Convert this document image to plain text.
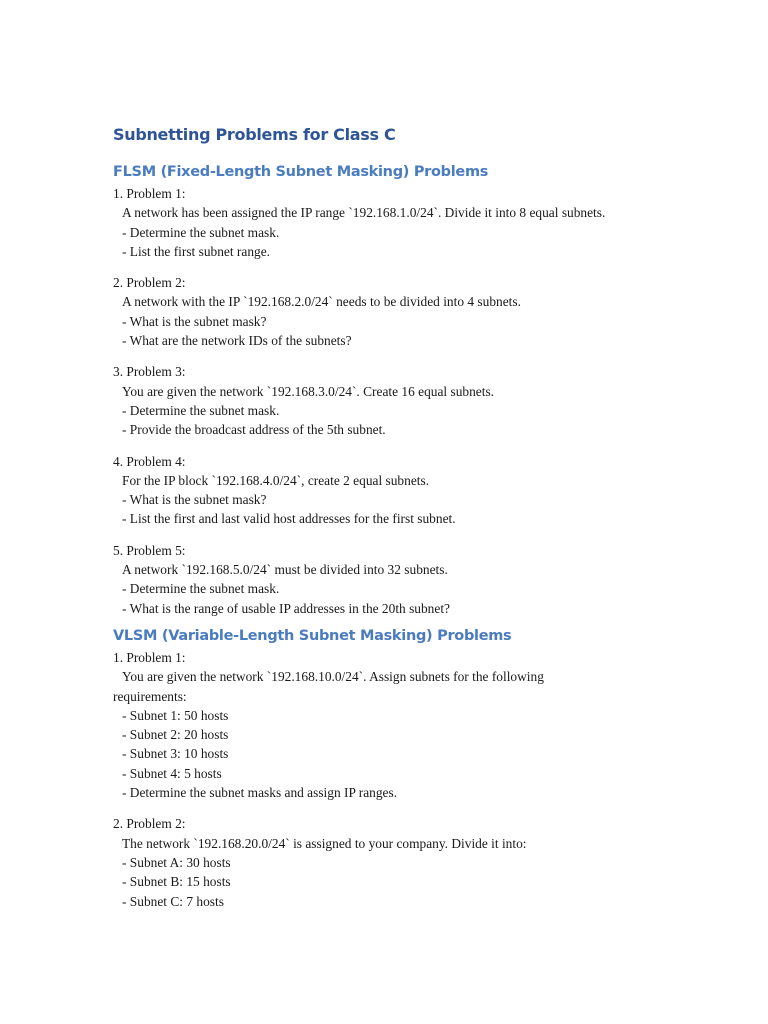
Subnetting Problems for Class C
FLSM (Fixed-Length Subnet Masking) Problems

1. Problem 1:

A network has been assigned the IP range `192.168.1.0/24`. Divide it into 8 equal subnets.

- Determine the subnet mask.

- List the first subnet range.

2. Problem 2:

A network with the IP `192.168.2.0/24` needs to be divided into 4 subnets.

- What is the subnet mask?

- What are the network IDs of the subnets?

3. Problem 3:

You are given the network `192.168.3.0/24`. Create 16 equal subnets.

- Determine the subnet mask.

- Provide the broadcast address of the 5th subnet.

4. Problem 4:

For the IP block `192.168.4.0/24`, create 2 equal subnets.

- What is the subnet mask?

- List the first and last valid host addresses for the first subnet.

5. Problem 5:

A network `192.168.5.0/24` must be divided into 32 subnets.

- Determine the subnet mask.

- What is the range of usable IP addresses in the 20th subnet?

VLSM (Variable-Length Subnet Masking) Problems

1. Problem 1:

You are given the network `192.168.10.0/24`. Assign subnets for the following

requirements:

- Subnet 1: 50 hosts

- Subnet 2: 20 hosts

- Subnet 3: 10 hosts

- Subnet 4: 5 hosts

- Determine the subnet masks and assign IP ranges.

2. Problem 2:

The network `192.168.20.0/24` is assigned to your company. Divide it into:

- Subnet A: 30 hosts

- Subnet B: 15 hosts

- Subnet C: 7 hosts
